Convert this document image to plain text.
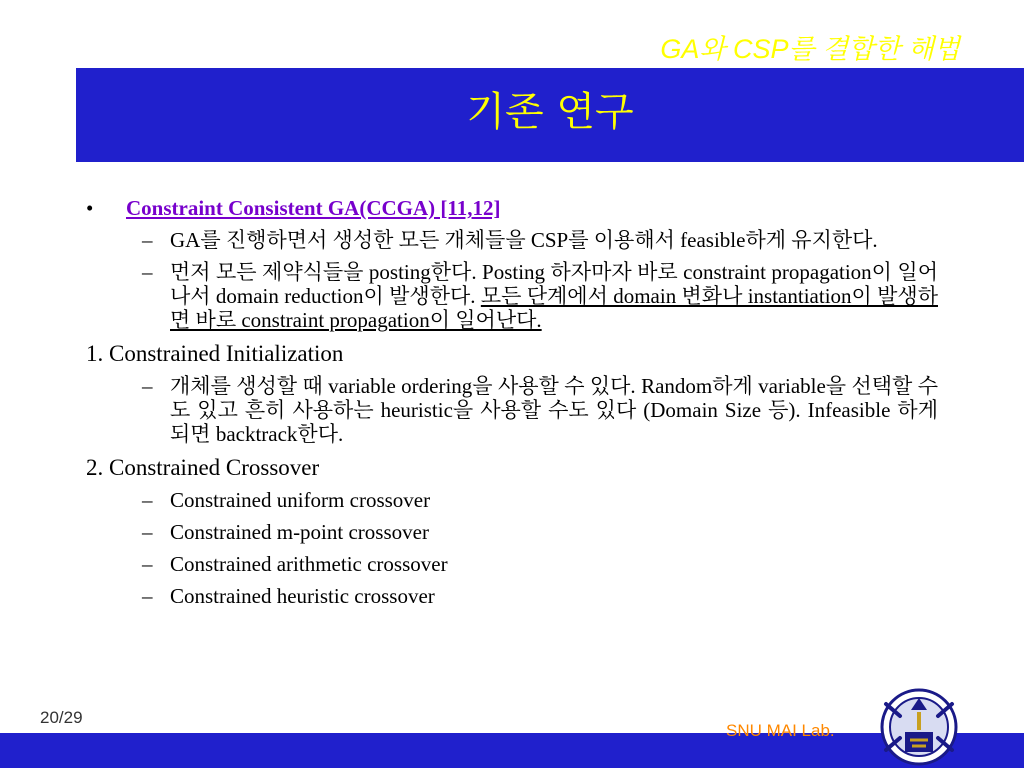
GA와 CSP를 결합한 해법
기존 연구
• Constraint Consistent GA(CCGA) [11,12]
– GA를 진행하면서 생성한 모든 개체들을 CSP를 이용해서 feasible하게 유지한다.
– 먼저 모든 제약식들을 posting한다. Posting 하자마자 바로 constraint propagation이 일어나서 domain reduction이 발생한다. 모든 단계에서 domain 변화나 instantiation이 발생하면 바로 constraint propagation이 일어난다.
1. Constrained Initialization
– 개체를 생성할 때 variable ordering을 사용할 수 있다. Random하게 variable을 선택할 수도 있고 흔히 사용하는 heuristic을 사용할 수도 있다 (Domain Size 등). Infeasible 하게 되면 backtrack한다.
2. Constrained Crossover
– Constrained uniform crossover
– Constrained m-point crossover
– Constrained arithmetic crossover
– Constrained heuristic crossover
20/29
SNU MAI Lab.
